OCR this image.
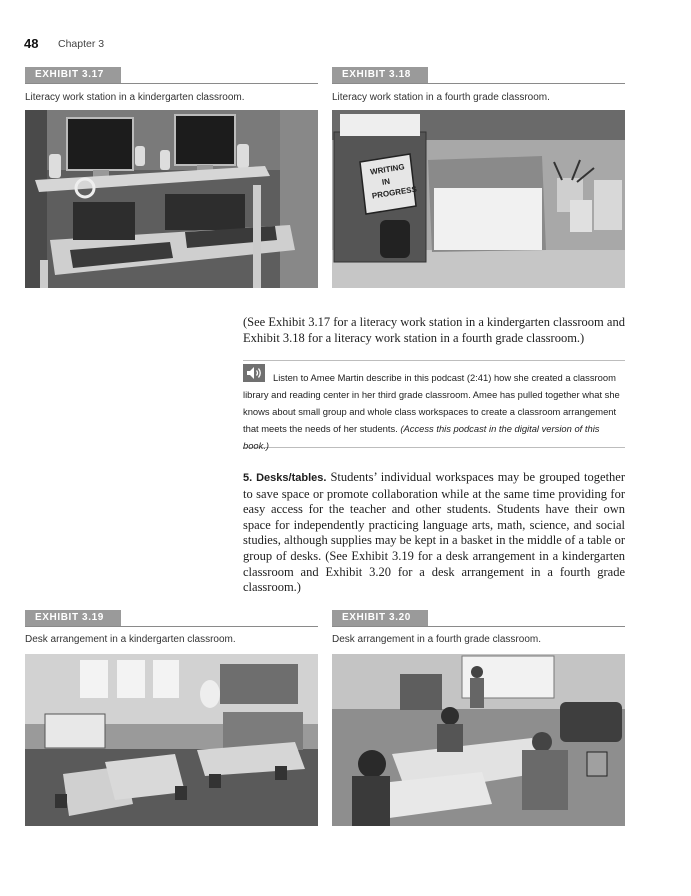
48 Chapter 3
EXHIBIT 3.17
Literacy work station in a kindergarten classroom.
EXHIBIT 3.18
Literacy work station in a fourth grade classroom.
WRITING
IN
PROGRESS
(See Exhibit 3.17 for a literacy work station in a kindergarten classroom and Exhibit 3.18 for a literacy work station in a fourth grade classroom.)
Listen to Amee Martin describe in this podcast (2:41) how she created a classroom library and reading center in her third grade classroom. Amee has pulled together what she knows about small group and whole class workspaces to create a classroom arrangement that meets the needs of her students. (Access this podcast in the digital version of this book.)
5. Desks/tables. Students’ individual workspaces may be grouped together to save space or promote collaboration while at the same time providing for easy access for the teacher and other students. Students have their own space for independently practicing language arts, math, science, and social studies, although supplies may be kept in a basket in the middle of a table or group of desks. (See Exhibit 3.19 for a desk arrangement in a kindergarten classroom and Exhibit 3.20 for a desk arrangement in a fourth grade classroom.)
EXHIBIT 3.19
Desk arrangement in a kindergarten classroom.
EXHIBIT 3.20
Desk arrangement in a fourth grade classroom.
